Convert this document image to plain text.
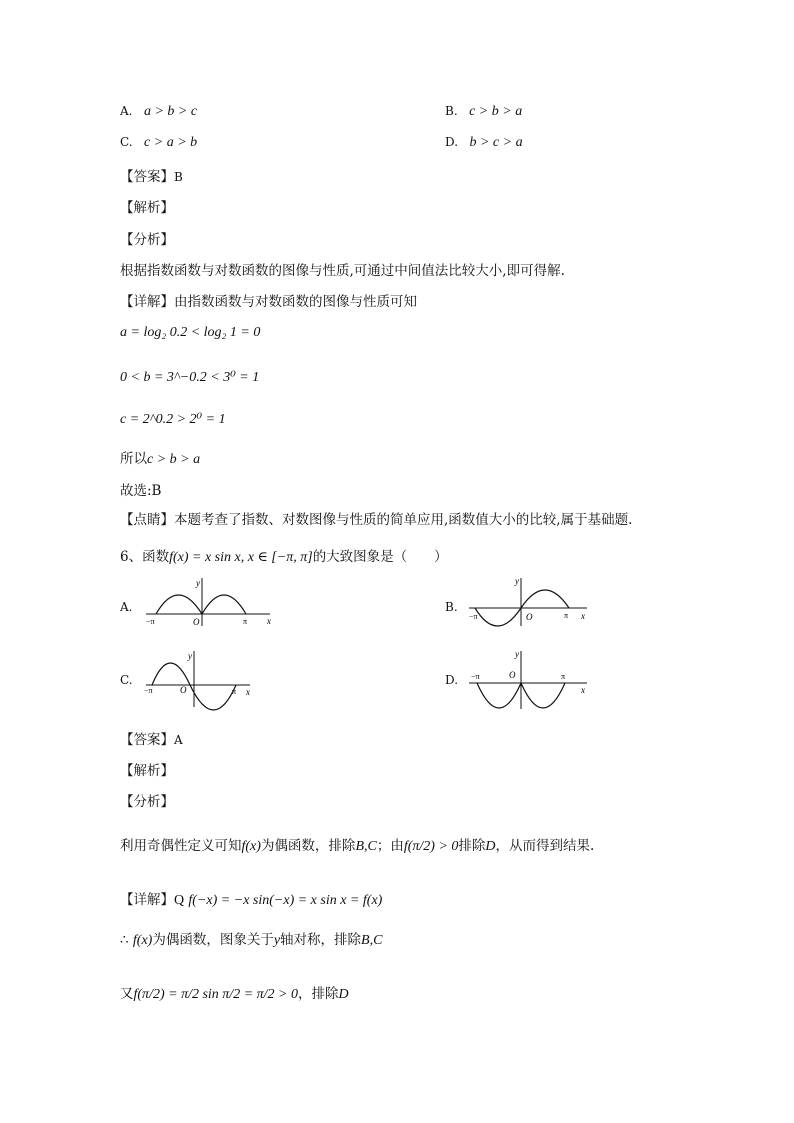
A. a > b > c	B. c > b > a
C. c > a > b	D. b > c > a
【答案】B
【解析】
【分析】
根据指数函数与对数函数的图像与性质,可通过中间值法比较大小,即可得解.
【详解】由指数函数与对数函数的图像与性质可知
a = log₂ 0.2 < log₂ 1 = 0
0 < b = 3^−0.2 < 3⁰ = 1
c = 2^0.2 > 2⁰ = 1
所以c > b > a
故选:B
【点睛】本题考查了指数、对数图像与性质的简单应用,函数值大小的比较,属于基础题.
6、函数f(x) = x sin x, x ∈ [−π, π]的大致图象是（　　）
A.	B.
C.	D.
y
x
O
−π	π
y
x
O
−π	π
y
x
O
−π	π
y
x
O
−π	π
【答案】A
【解析】
【分析】
利用奇偶性定义可知f(x)为偶函数，排除B,C；由f(π/2) > 0排除D，从而得到结果.
【详解】Q f(−x) = −x sin(−x) = x sin x = f(x)
∴ f(x)为偶函数，图象关于y轴对称，排除B,C
又f(π/2) = π/2 sin π/2 = π/2 > 0，排除D
